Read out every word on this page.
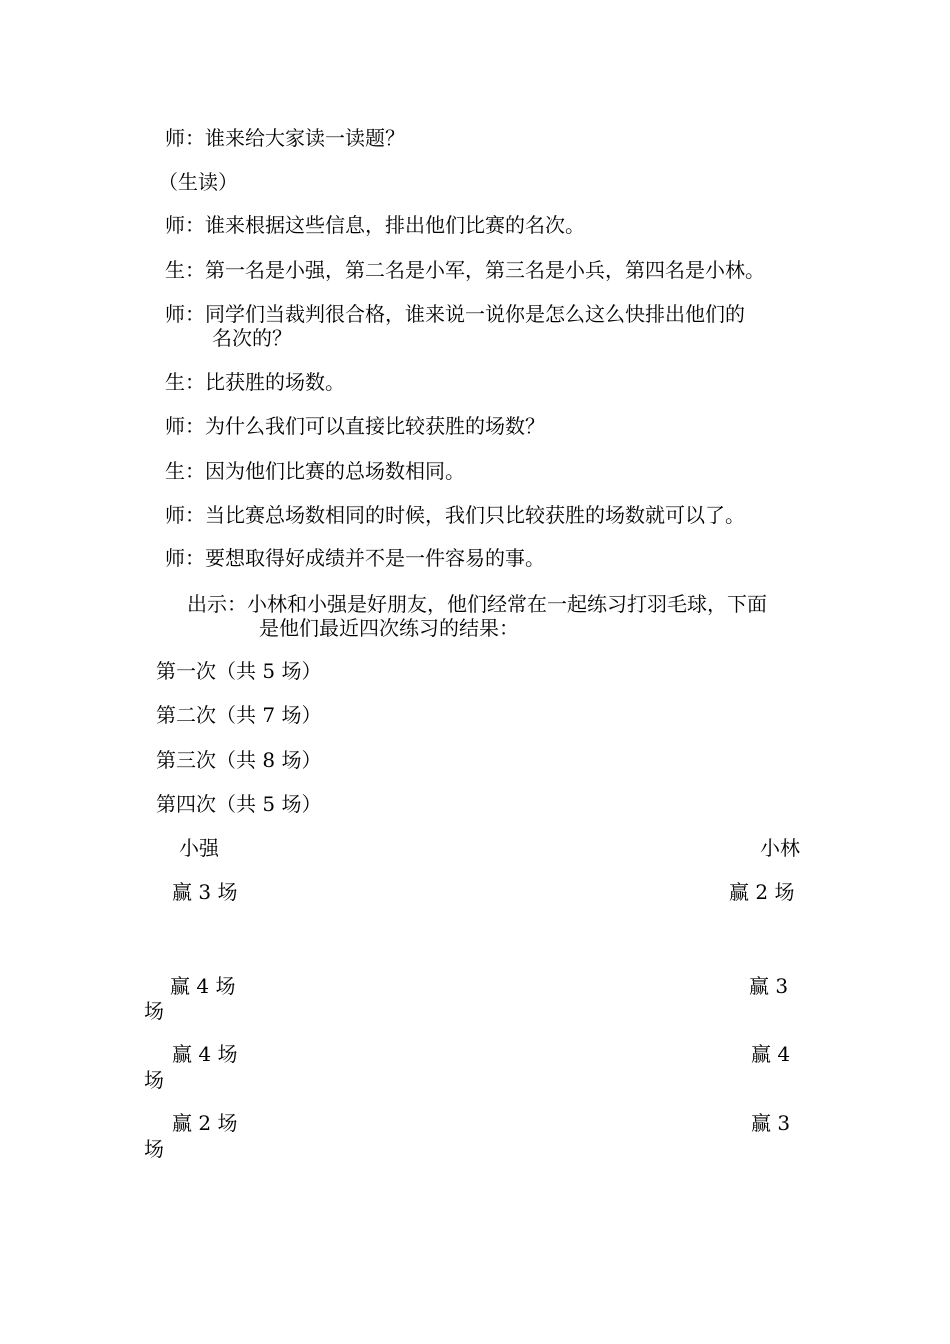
师：谁来给大家读一读题？
（生读）
师：谁来根据这些信息，排出他们比赛的名次。
生：第一名是小强，第二名是小军，第三名是小兵，第四名是小林。
师：同学们当裁判很合格，谁来说一说你是怎么这么快排出他们的
名次的？
生：比获胜的场数。
师：为什么我们可以直接比较获胜的场数？
生：因为他们比赛的总场数相同。
师：当比赛总场数相同的时候，我们只比较获胜的场数就可以了。
师：要想取得好成绩并不是一件容易的事。
出示：小林和小强是好朋友，他们经常在一起练习打羽毛球，下面
是他们最近四次练习的结果：
第一次（共 5 场）
第二次（共 7 场）
第三次（共 8 场）
第四次（共 5 场）
小强	小林
赢 3 场	赢 2 场
赢 4 场	赢 3
场
赢 4 场	赢 4
场
赢 2 场	赢 3
场
